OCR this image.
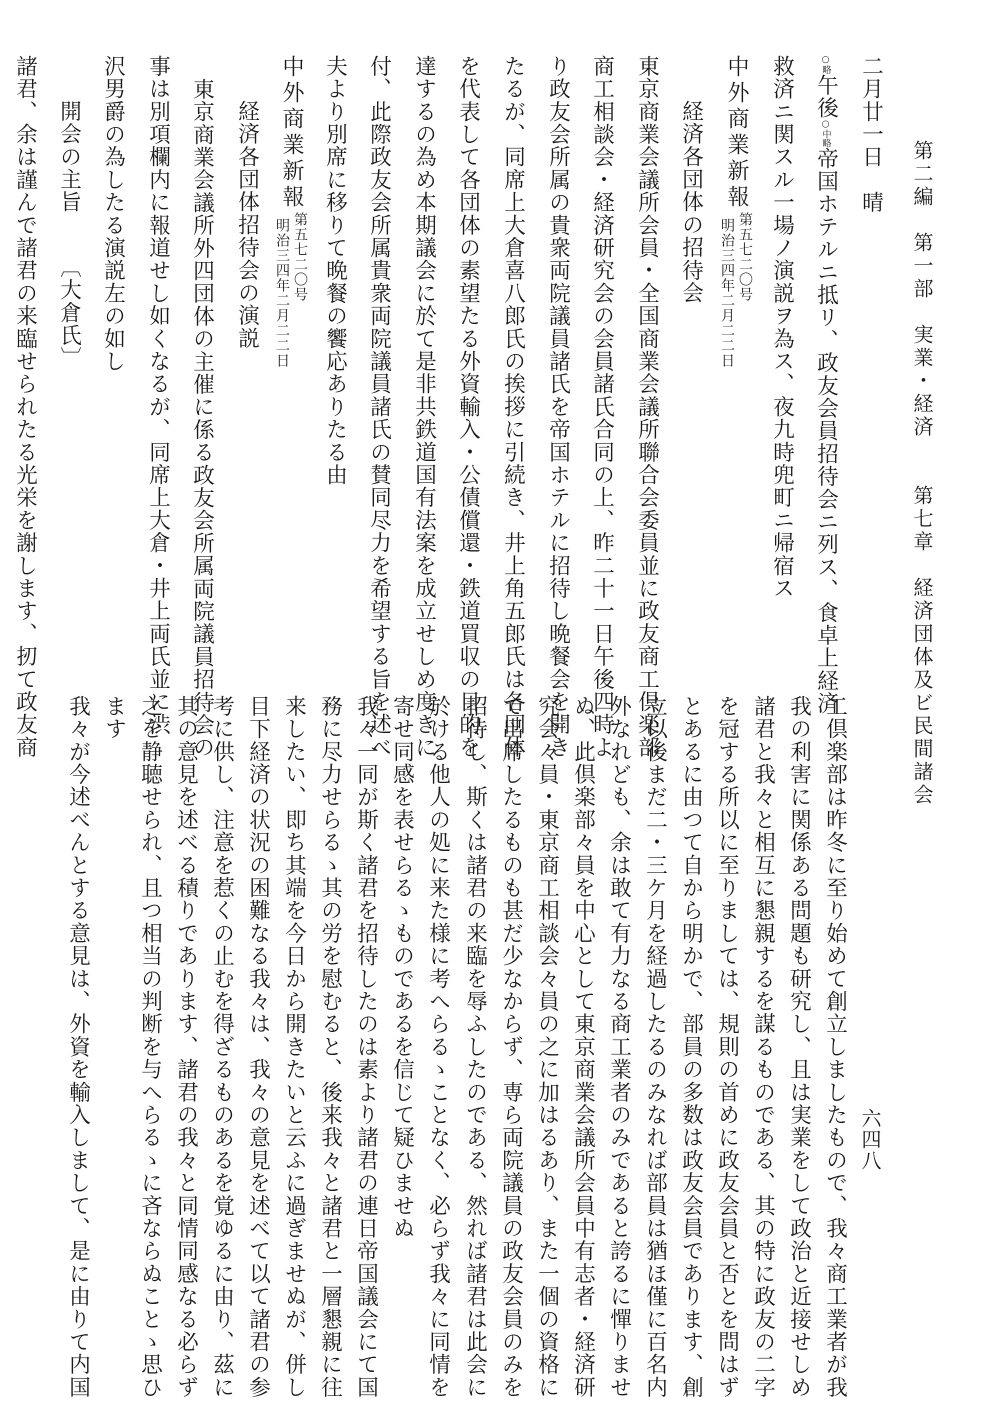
第二編　第一部　実業・経済　　第七章　経済団体及ビ民間諸会
六四八
二月廿一日　晴
○略午後○中略帝国ホテルニ抵リ、政友会員招待会ニ列ス、食卓上経済
救済ニ関スル一場ノ演説ヲ為ス、夜九時兜町ニ帰宿ス
中外商業新報
第五七二〇号
明治三四年二月二二日
経済各団体の招待会
東京商業会議所会員・全国商業会議所聯合会委員並に政友商工倶楽部
商工相談会・経済研究会の会員諸氏合同の上、昨二十一日午後四時よ
り政友会所属の貴衆両院議員諸氏を帝国ホテルに招待し晩餐会を開き
たるが、同席上大倉喜八郎氏の挨拶に引続き、井上角五郎氏は各団体
を代表して各団体の素望たる外資輸入・公債償還・鉄道買収の目的を
達するの為め本期議会に於て是非共鉄道国有法案を成立せしめ度きに
付、此際政友会所属貴衆両院議員諸氏の賛同尽力を希望する旨を述べ
夫より別席に移りて晩餐の饗応ありたる由
中外商業新報
第五七二〇号
明治三四年二月二二日
経済各団体招待会の演説
東京商業会議所外四団体の主催に係る政友会所属両院議員招待会の
事は別項欄内に報道せし如くなるが、同席上大倉・井上両氏並に渋
沢男爵の為したる演説左の如し
開会の主旨
〔大倉氏〕
諸君、余は謹んで諸君の来臨せられたる光栄を謝します、扨て政友商
工倶楽部は昨冬に至り始めて創立しましたもので、我々商工業者が我
我の利害に関係ある問題も研究し、且は実業をして政治と近接せしめ
諸君と我々と相互に懇親するを謀るものである、其の特に政友の二字
を冠する所以に至りましては、規則の首めに政友会員と否とを問はず
とあるに由つて自から明かで、部員の多数は政友会員であります、創
立以後まだ二・三ケ月を経過したるのみなれば部員は猶ほ僅に百名内
外なれども、余は敢て有力なる商工業者のみであると誇るに憚りませ
ぬ、此倶楽部々員を中心として東京商業会議所会員中有志者・経済研
究会々員・東京商工相談会々員の之に加はるあり、また一個の資格に
て出席したるものも甚だ少なからず、専ら両院議員の政友会員のみを
招待し、斯くは諸君の来臨を辱ふしたのである、然れば諸君は此会に
於ける他人の処に来た様に考へらるゝことなく、必らず我々に同情を
寄せ同感を表せらるゝものであるを信じて疑ひませぬ
我々一同が斯く諸君を招待したのは素より諸君の連日帝国議会にて国
務に尽力せらるゝ其の労を慰むると、後来我々と諸君と一層懇親に往
来したい、即ち其端を今日から開きたいと云ふに過ぎませぬが、併し
目下経済の状況の困難なる我々は、我々の意見を述べて以て諸君の参
考に供し、注意を惹くの止むを得ざるものあるを覚ゆるに由り、茲に
其の意見を述べる積りであります、諸君の我々と同情同感なる必らず
之を静聴せられ、且つ相当の判断を与へらるゝに吝ならぬことゝ思ひ
ます
我々が今述べんとする意見は、外資を輸入しまして、是に由りて内国
